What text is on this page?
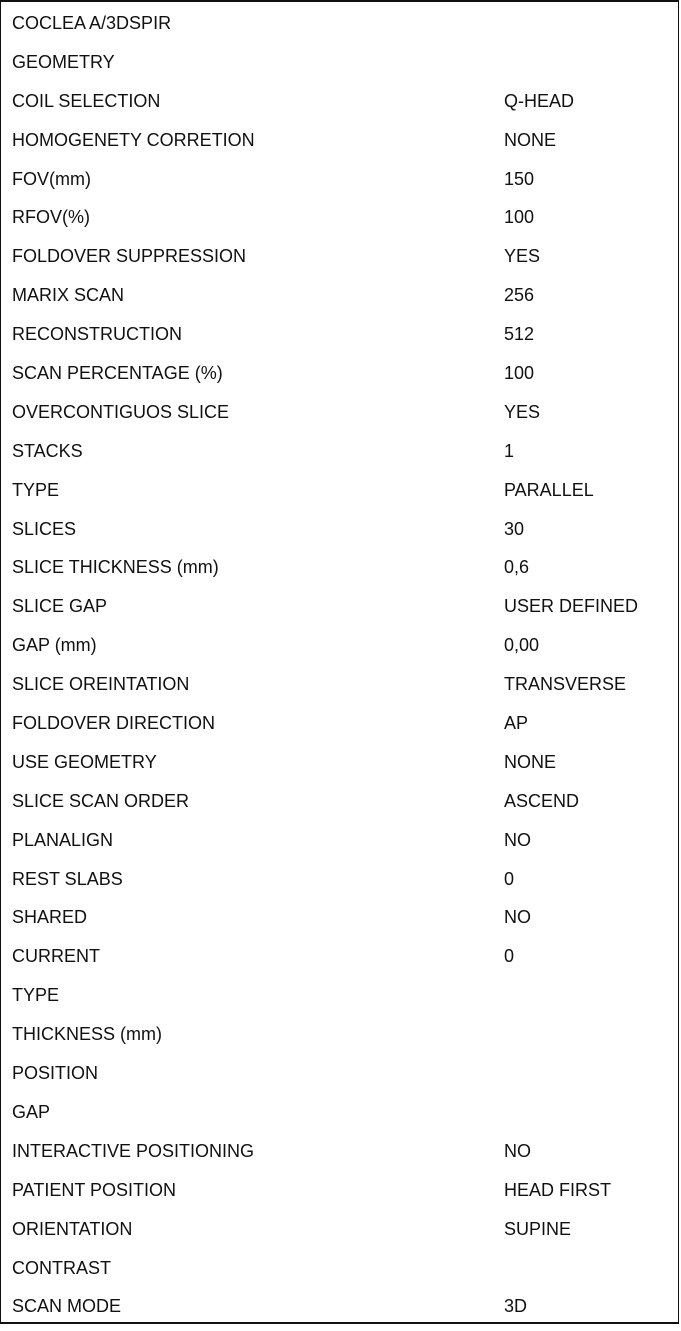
COCLEA A/3DSPIR
GEOMETRY
COIL SELECTION	Q-HEAD
HOMOGENETY CORRETION	NONE
FOV(mm)	150
RFOV(%)	100
FOLDOVER SUPPRESSION	YES
MARIX SCAN	256
RECONSTRUCTION	512
SCAN PERCENTAGE (%)	100
OVERCONTIGUOS SLICE	YES
STACKS	1
TYPE	PARALLEL
SLICES	30
SLICE THICKNESS (mm)	0,6
SLICE GAP	USER DEFINED
GAP (mm)	0,00
SLICE OREINTATION	TRANSVERSE
FOLDOVER DIRECTION	AP
USE GEOMETRY	NONE
SLICE SCAN ORDER	ASCEND
PLANALIGN	NO
REST SLABS	0
SHARED	NO
CURRENT	0
TYPE
THICKNESS (mm)
POSITION
GAP
INTERACTIVE POSITIONING	NO
PATIENT POSITION	HEAD FIRST
ORIENTATION	SUPINE
CONTRAST
SCAN MODE	3D
